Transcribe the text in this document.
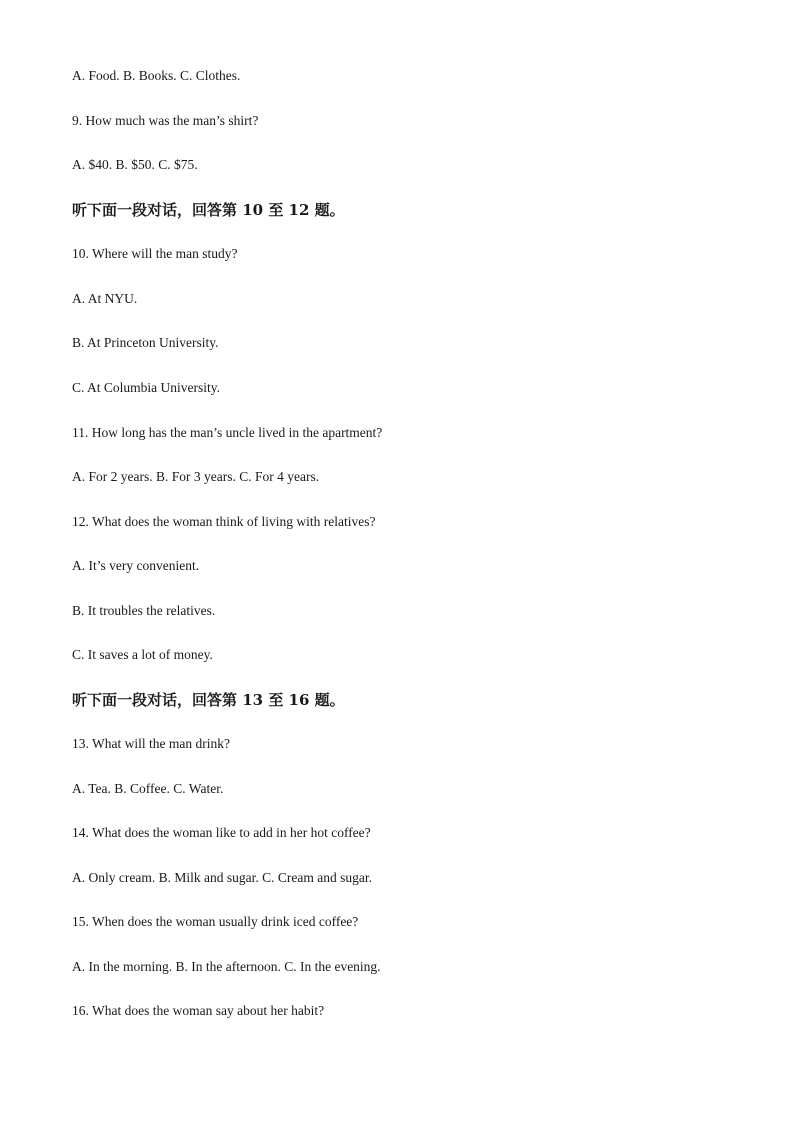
A. Food. B. Books. C. Clothes.
9. How much was the man’s shirt?
A. $40. B. $50. C. $75.
听下面一段对话，回答第 10 至 12 题。
10. Where will the man study?
A. At NYU.
B. At Princeton University.
C. At Columbia University.
11. How long has the man’s uncle lived in the apartment?
A. For 2 years. B. For 3 years. C. For 4 years.
12. What does the woman think of living with relatives?
A. It’s very convenient.
B. It troubles the relatives.
C. It saves a lot of money.
听下面一段对话，回答第 13 至 16 题。
13. What will the man drink?
A. Tea. B. Coffee. C. Water.
14. What does the woman like to add in her hot coffee?
A. Only cream. B. Milk and sugar. C. Cream and sugar.
15. When does the woman usually drink iced coffee?
A. In the morning. B. In the afternoon. C. In the evening.
16. What does the woman say about her habit?
